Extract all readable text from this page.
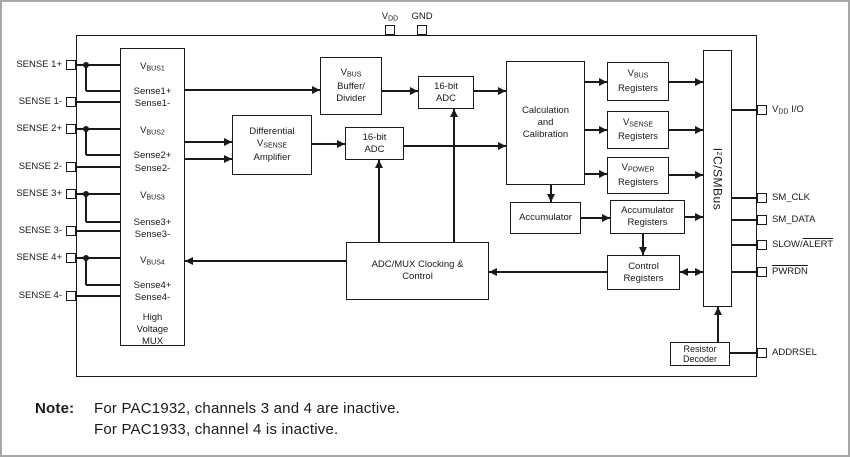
VDD	GND
SENSE 1+
SENSE 1-
SENSE 2+
SENSE 2-
SENSE 3+
SENSE 3-
SENSE 4+
SENSE 4-
VBUS1
Sense1+
Sense1-
VBUS2
Sense2+
Sense2-
VBUS3
Sense3+
Sense3-
VBUS4
Sense4+
Sense4-
High
Voltage
MUX
VBUS
Buffer/
Divider
16-bit
ADC
Differential
VSENSE
Amplifier
16-bit
ADC
Calculation
and
Calibration
VBUS
Registers
VSENSE
Registers
VPOWER
Registers
Accumulator
Accumulator
Registers
ADC/MUX Clocking &
Control
Control
Registers
$I^2C$/SMBus
Resistor
Decoder
VDD I/O
SM_CLK
SM_DATA
SLOW/ALERT
PWRDN
ADDRSEL
Note:	For PAC1932, channels 3 and 4 are inactive.
For PAC1933, channel 4 is inactive.
